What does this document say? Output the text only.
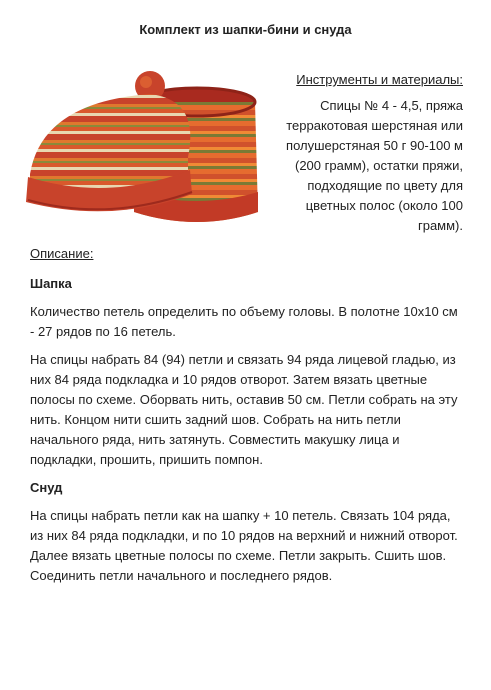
Комплект из шапки-бини и снуда
Инструменты и материалы:
Спицы № 4 - 4,5, пряжа терракотовая шерстяная или полушерстяная 50 г 90-100 м (200 грамм), остатки пряжи, подходящие по цвету для цветных полос (около 100 грамм).
Описание:
Шапка
Количество петель определить по объему головы. В полотне 10х10 см - 27 рядов по 16 петель.
На спицы набрать 84 (94) петли и связать 94 ряда лицевой гладью, из них 84 ряда подкладка и 10 рядов отворот. Затем вязать цветные полосы по схеме. Оборвать нить, оставив 50 см. Петли собрать на эту нить. Концом нити сшить задний шов. Собрать на нить петли начального ряда, нить затянуть. Совместить макушку лица и подкладки, прошить, пришить помпон.
Снуд
На спицы набрать петли как на шапку + 10 петель. Связать 104 ряда, из них 84 ряда подкладки, и по 10 рядов на верхний и нижний отворот. Далее вязать цветные полосы по схеме. Петли закрыть. Сшить шов. Соединить петли начального и последнего рядов.
